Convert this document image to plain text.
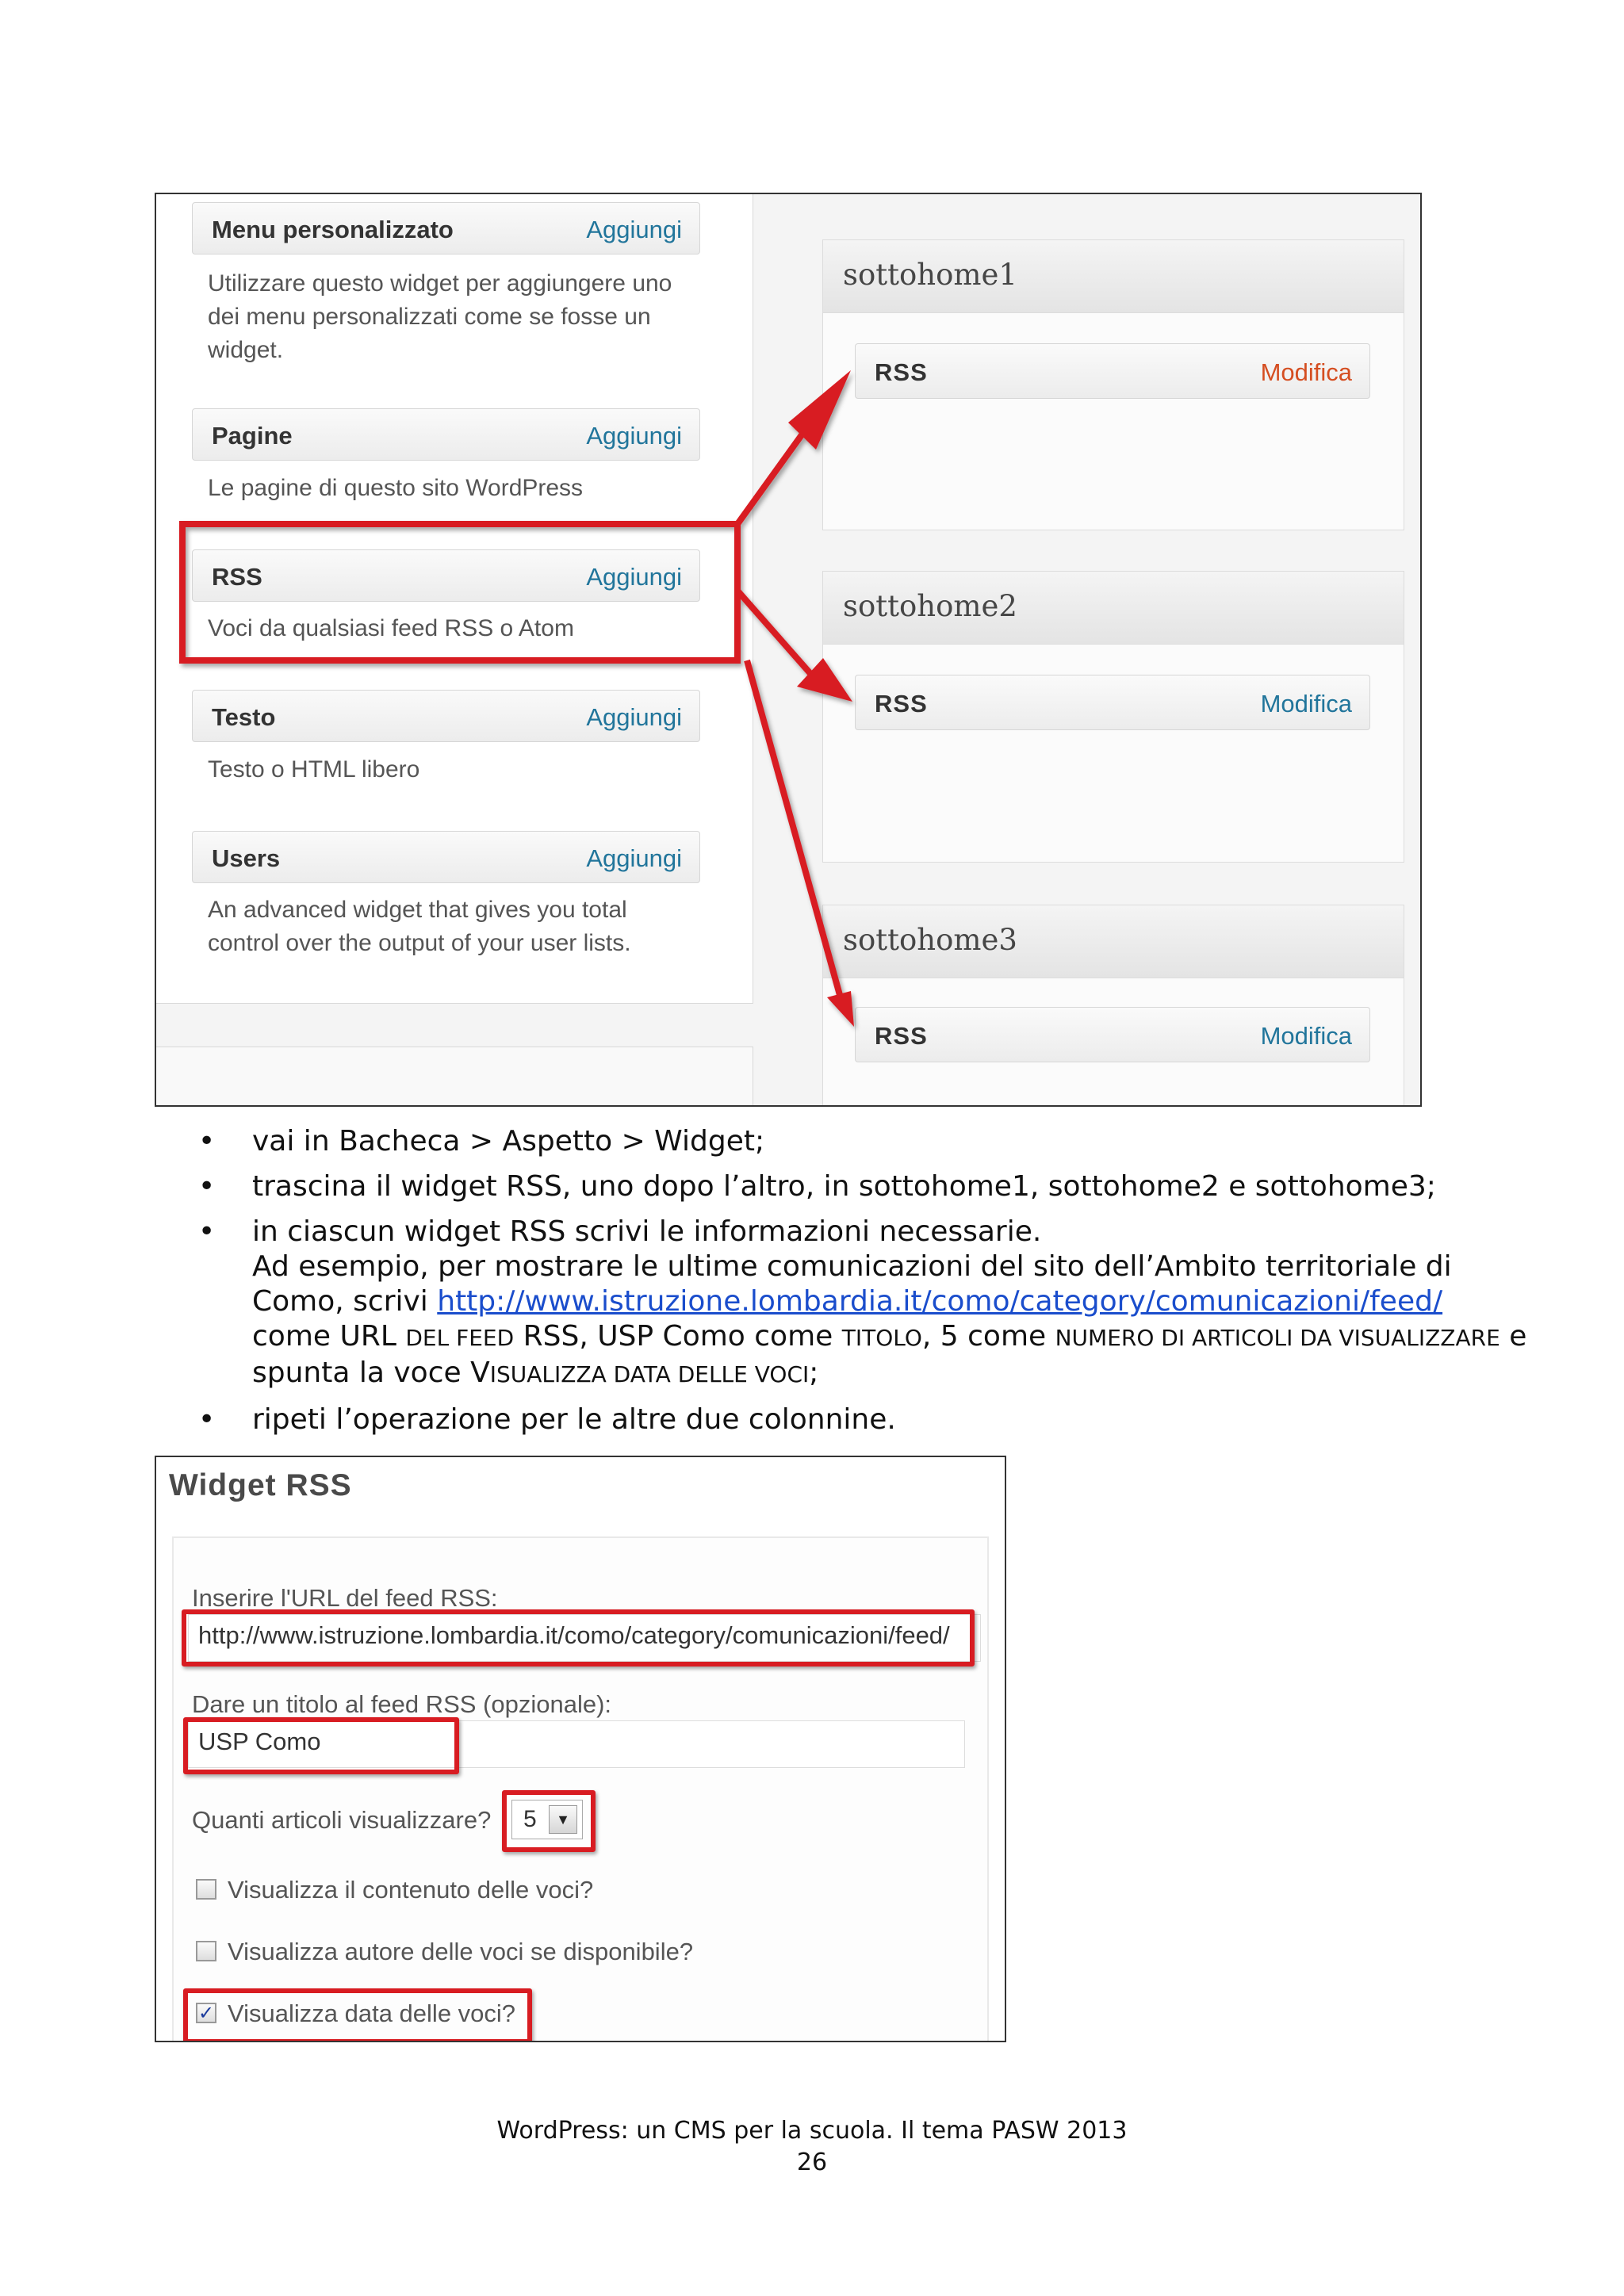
Menu personalizzato	Aggiungi
Utilizzare questo widget per aggiungere uno
dei menu personalizzati come se fosse un
widget.
Pagine	Aggiungi
Le pagine di questo sito WordPress
RSS	Aggiungi
Voci da qualsiasi feed RSS o Atom
Testo	Aggiungi
Testo o HTML libero
Users	Aggiungi
An advanced widget that gives you total
control over the output of your user lists.
sottohome1
RSS	Modifica
sottohome2
RSS	Modifica
sottohome3
RSS	Modifica
• vai in Bacheca > Aspetto > Widget;
• trascina il widget RSS, uno dopo l’altro, in sottohome1, sottohome2 e sottohome3;
• in ciascun widget RSS scrivi le informazioni necessarie.
Ad esempio, per mostrare le ultime comunicazioni del sito dell’Ambito territoriale di
Como, scrivi http://www.istruzione.lombardia.it/como/category/comunicazioni/feed/
come URL DEL FEED RSS, USP Como come TITOLO, 5 come NUMERO DI ARTICOLI DA VISUALIZZARE e
spunta la voce VISUALIZZA DATA DELLE VOCI;
• ripeti l’operazione per le altre due colonnine.
Widget RSS
Inserire l'URL del feed RSS:
http://www.istruzione.lombardia.it/como/category/comunicazioni/feed/
Dare un titolo al feed RSS (opzionale):
USP Como
Quanti articoli visualizzare? 5	▼
Visualizza il contenuto delle voci?
Visualizza autore delle voci se disponibile?
✓ Visualizza data delle voci?
WordPress: un CMS per la scuola. Il tema PASW 2013
26
